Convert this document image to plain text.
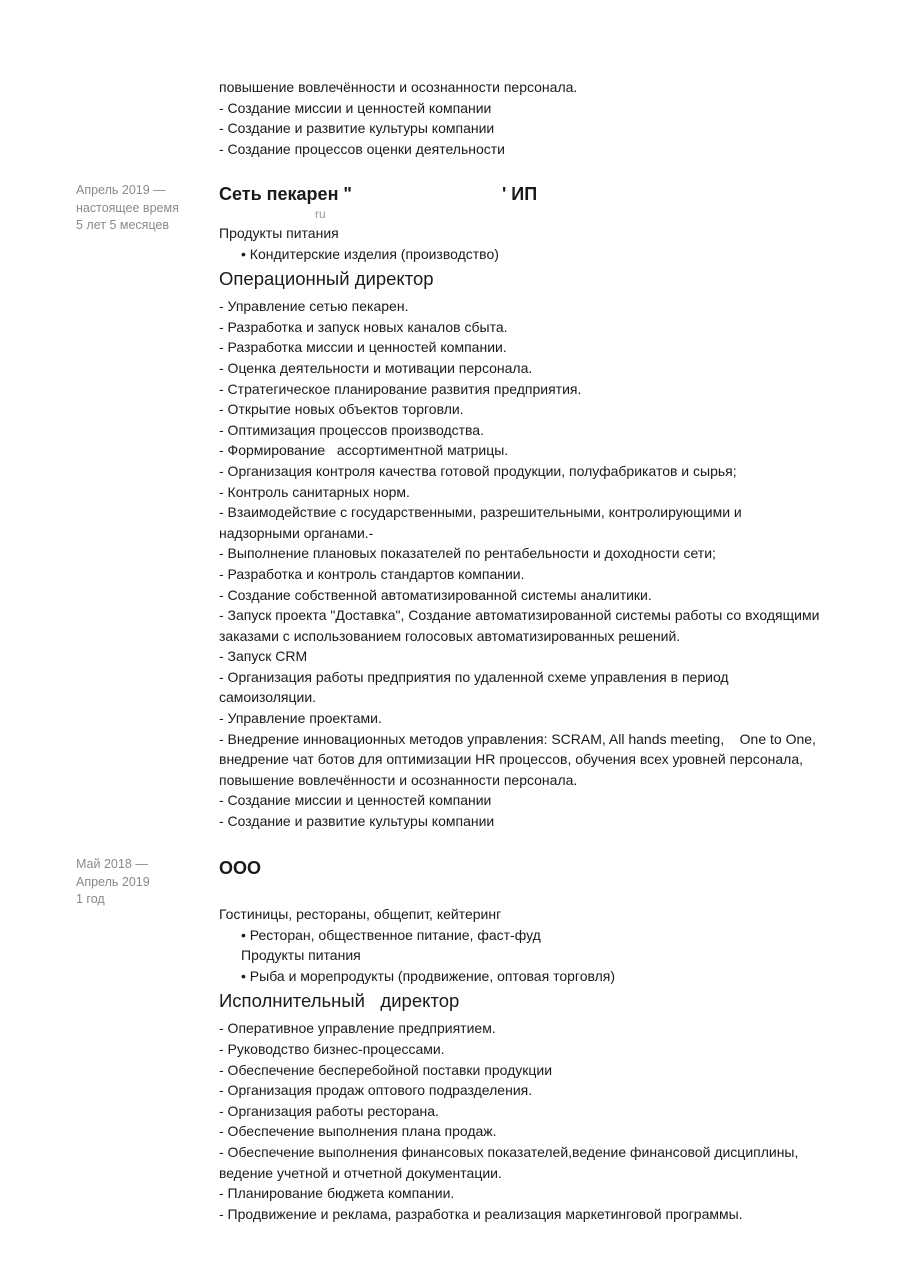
повышение вовлечённости и осознанности персонала.

- Создание миссии и ценностей компании

- Создание и развитие культуры компании

- Создание процессов оценки деятельности

Апрель 2019 —
настоящее время
5 лет 5 месяцев

Сеть пекарен "                              ' ИП

ru

Продукты питания

• Кондитерские изделия (производство)

Операционный директор

- Управление сетью пекарен.

- Разработка и запуск новых каналов сбыта.

- Разработка миссии и ценностей компании.

- Оценка деятельности и мотивации персонала.

- Стратегическое планирование развития предприятия.

- Открытие новых объектов торговли.

- Оптимизация процессов производства.

- Формирование   ассортиментной матрицы.

- Организация контроля качества готовой продукции, полуфабрикатов и сырья;

- Контроль санитарных норм.

- Взаимодействие с государственными, разрешительными, контролирующими и

надзорными органами.-

- Выполнение плановых показателей по рентабельности и доходности сети;

- Разработка и контроль стандартов компании.

- Создание собственной автоматизированной системы аналитики.

- Запуск проекта "Доставка", Создание автоматизированной системы работы со входящими

заказами с использованием голосовых автоматизированных решений.

- Запуск CRM

- Организация работы предприятия по удаленной схеме управления в период

самоизоляции.

- Управление проектами.

- Внедрение инновационных методов управления: SCRAM, All hands meeting,    One to One,

внедрение чат ботов для оптимизации HR процессов, обучения всех уровней персонала,

повышение вовлечённости и осознанности персонала.

- Создание миссии и ценностей компании

- Создание и развитие культуры компании

Май 2018 —
Апрель 2019
1 год

ООО

Гостиницы, рестораны, общепит, кейтеринг

• Ресторан, общественное питание, фаст-фуд

Продукты питания

• Рыба и морепродукты (продвижение, оптовая торговля)

Исполнительный   директор

- Оперативное управление предприятием.

- Руководство бизнес-процессами.

- Обеспечение бесперебойной поставки продукции

- Организация продаж оптового подразделения.

- Организация работы ресторана.

- Обеспечение выполнения плана продаж.

- Обеспечение выполнения финансовых показателей,ведение финансовой дисциплины,

ведение учетной и отчетной документации.

- Планирование бюджета компании.

- Продвижение и реклама, разработка и реализация маркетинговой программы.
